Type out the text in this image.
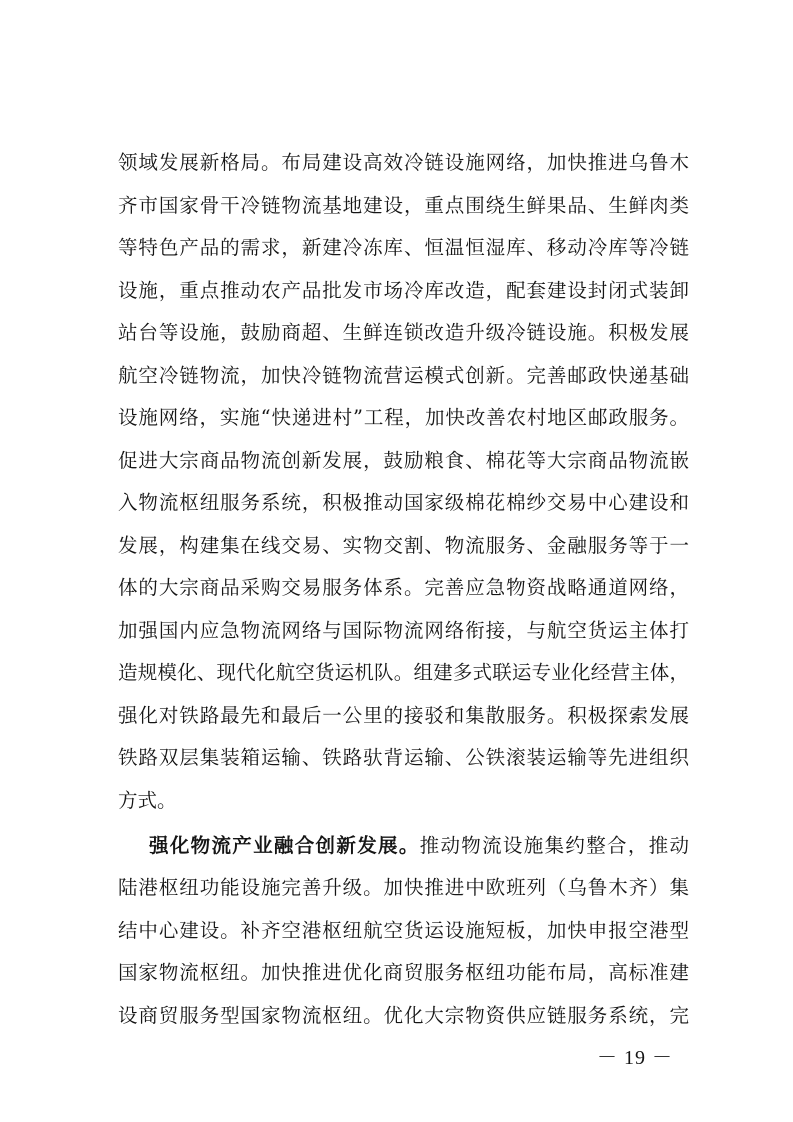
领域发展新格局。布局建设高效冷链设施网络，加快推进乌鲁木
齐市国家骨干冷链物流基地建设，重点围绕生鲜果品、生鲜肉类
等特色产品的需求，新建冷冻库、恒温恒湿库、移动冷库等冷链
设施，重点推动农产品批发市场冷库改造，配套建设封闭式装卸
站台等设施，鼓励商超、生鲜连锁改造升级冷链设施。积极发展
航空冷链物流，加快冷链物流营运模式创新。完善邮政快递基础
设施网络，实施“快递进村”工程，加快改善农村地区邮政服务。
促进大宗商品物流创新发展，鼓励粮食、棉花等大宗商品物流嵌
入物流枢纽服务系统，积极推动国家级棉花棉纱交易中心建设和
发展，构建集在线交易、实物交割、物流服务、金融服务等于一
体的大宗商品采购交易服务体系。完善应急物资战略通道网络，
加强国内应急物流网络与国际物流网络衔接，与航空货运主体打
造规模化、现代化航空货运机队。组建多式联运专业化经营主体，
强化对铁路最先和最后一公里的接驳和集散服务。积极探索发展
铁路双层集装箱运输、铁路驮背运输、公铁滚装运输等先进组织
方式。
强化物流产业融合创新发展。推动物流设施集约整合，推动
陆港枢纽功能设施完善升级。加快推进中欧班列（乌鲁木齐）集
结中心建设。补齐空港枢纽航空货运设施短板，加快申报空港型
国家物流枢纽。加快推进优化商贸服务枢纽功能布局，高标准建
设商贸服务型国家物流枢纽。优化大宗物资供应链服务系统，完
－ 19 －
